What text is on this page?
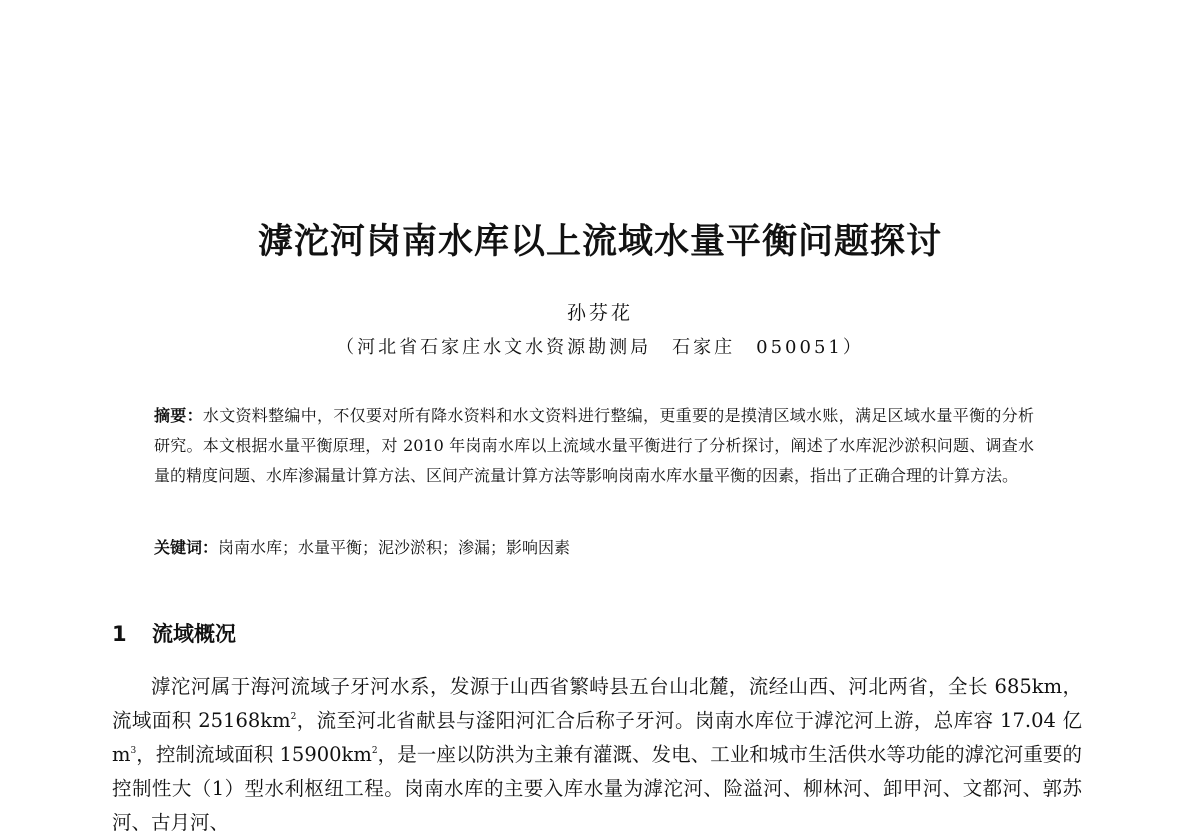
滹沱河岗南水库以上流域水量平衡问题探讨
孙芬花
（河北省石家庄水文水资源勘测局　石家庄　050051）
摘要：水文资料整编中，不仅要对所有降水资料和水文资料进行整编，更重要的是摸清区域水账，满足区域水量平衡的分析研究。本文根据水量平衡原理，对 2010 年岗南水库以上流域水量平衡进行了分析探讨，阐述了水库泥沙淤积问题、调查水量的精度问题、水库渗漏量计算方法、区间产流量计算方法等影响岗南水库水量平衡的因素，指出了正确合理的计算方法。
关键词：岗南水库；水量平衡；泥沙淤积；渗漏；影响因素
1 流域概况

滹沱河属于海河流域子牙河水系，发源于山西省繁峙县五台山北麓，流经山西、河北两省，全长 685km，流域面积 $25168km^2$，流至河北省献县与滏阳河汇合后称子牙河。岗南水库位于滹沱河上游，总库容 17.04 亿 $m^3$，控制流域面积 $15900km^2$，是一座以防洪为主兼有灌溉、发电、工业和城市生活供水等功能的滹沱河重要的控制性大（1）型水利枢纽工程。岗南水库的主要入库水量为滹沱河、险溢河、柳林河、卸甲河、文都河、郭苏河、古月河、
